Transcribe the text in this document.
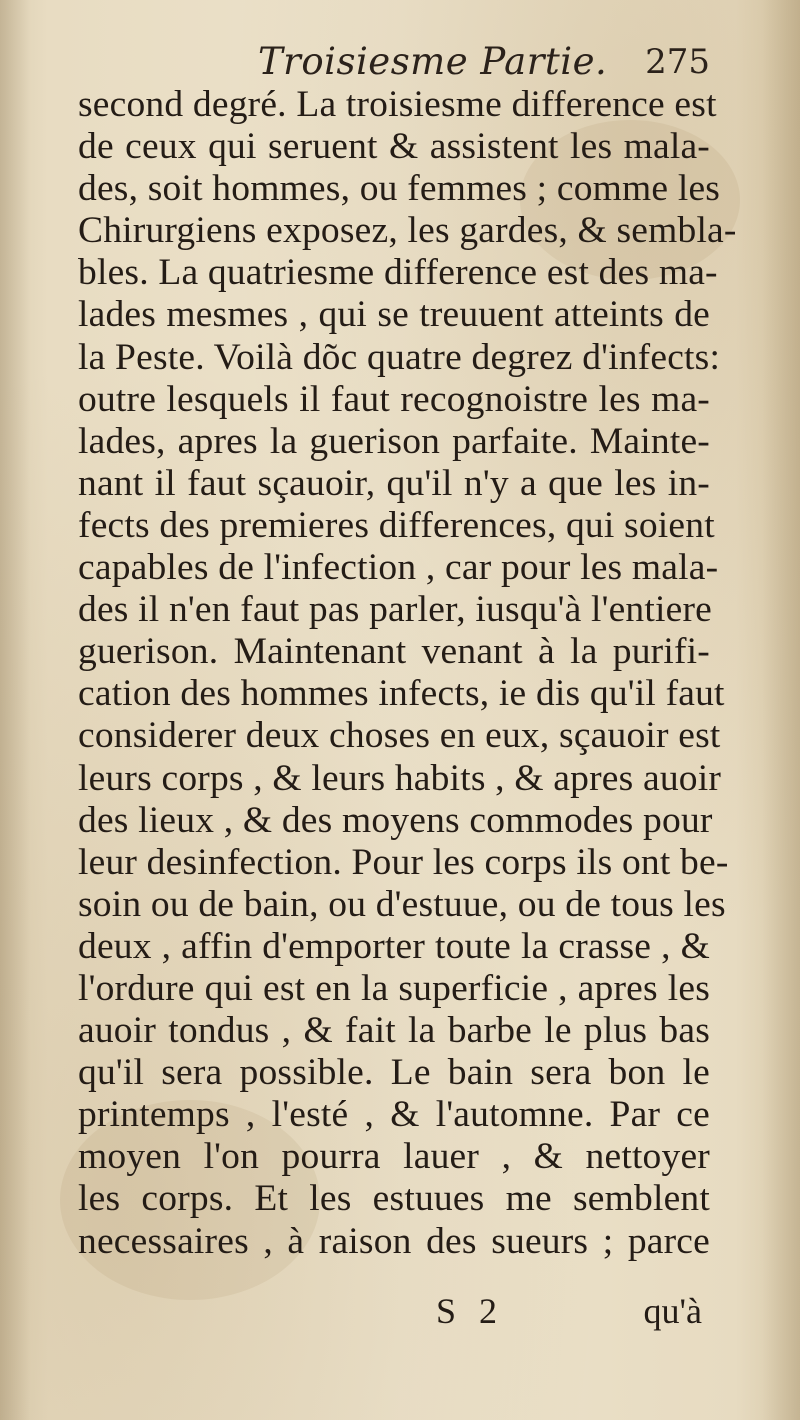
Troisiesme Partie. 275
second degré. La troisiesme difference est
de ceux qui seruent & assistent les mala-
des, soit hommes, ou femmes ; comme les
Chirurgiens exposez, les gardes, & sembla-
bles. La quatriesme difference est des ma-
lades mesmes , qui se treuuent atteints de
la Peste. Voilà dõc quatre degrez d'infects:
outre lesquels il faut recognoistre les ma-
lades, apres la guerison parfaite. Mainte-
nant il faut sçauoir, qu'il n'y a que les in-
fects des premieres differences, qui soient
capables de l'infection , car pour les mala-
des il n'en faut pas parler, iusqu'à l'entiere
guerison. Maintenant venant à la purifi-
cation des hommes infects, ie dis qu'il faut
considerer deux choses en eux, sçauoir est
leurs corps , & leurs habits , & apres auoir
des lieux , & des moyens commodes pour
leur desinfection. Pour les corps ils ont be-
soin ou de bain, ou d'estuue, ou de tous les
deux , affin d'emporter toute la crasse , &
l'ordure qui est en la superficie , apres les
auoir tondus , & fait la barbe le plus bas
qu'il sera possible. Le bain sera bon le
printemps , l'esté , & l'automne. Par ce
moyen l'on pourra lauer , & nettoyer
les corps. Et les estuues me semblent
necessaires , à raison des sueurs ; parce
S 2	qu'à
